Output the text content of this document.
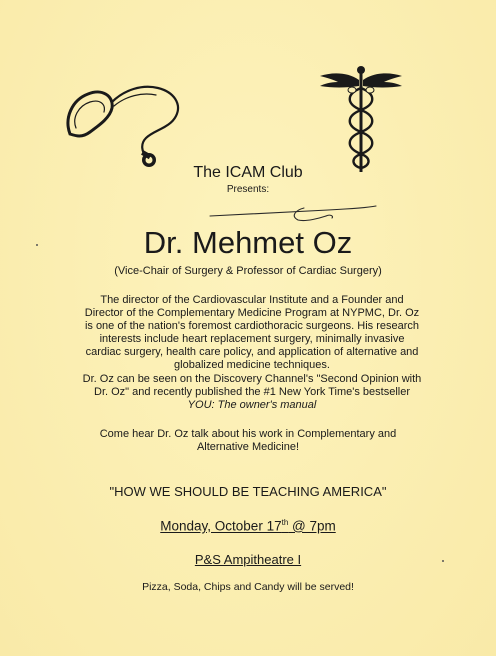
The ICAM Club
Presents:
Dr. Mehmet Oz
(Vice-Chair of Surgery & Professor of Cardiac Surgery)
The director of the Cardiovascular Institute and a Founder and
Director of the Complementary Medicine Program at NYPMC, Dr. Oz
is one of the nation's foremost cardiothoracic surgeons. His research
interests include heart replacement surgery, minimally invasive
cardiac surgery, health care policy, and application of alternative and
globalized medicine techniques.
Dr. Oz can be seen on the Discovery Channel's "Second Opinion with
Dr. Oz" and recently published the #1 New York Time's bestseller
YOU: The owner's manual
Come hear Dr. Oz talk about his work in Complementary and
Alternative Medicine!
"HOW WE SHOULD BE TEACHING AMERICA"
Monday, October 17th @ 7pm
P&S Ampitheatre I
Pizza, Soda, Chips and Candy will be served!
